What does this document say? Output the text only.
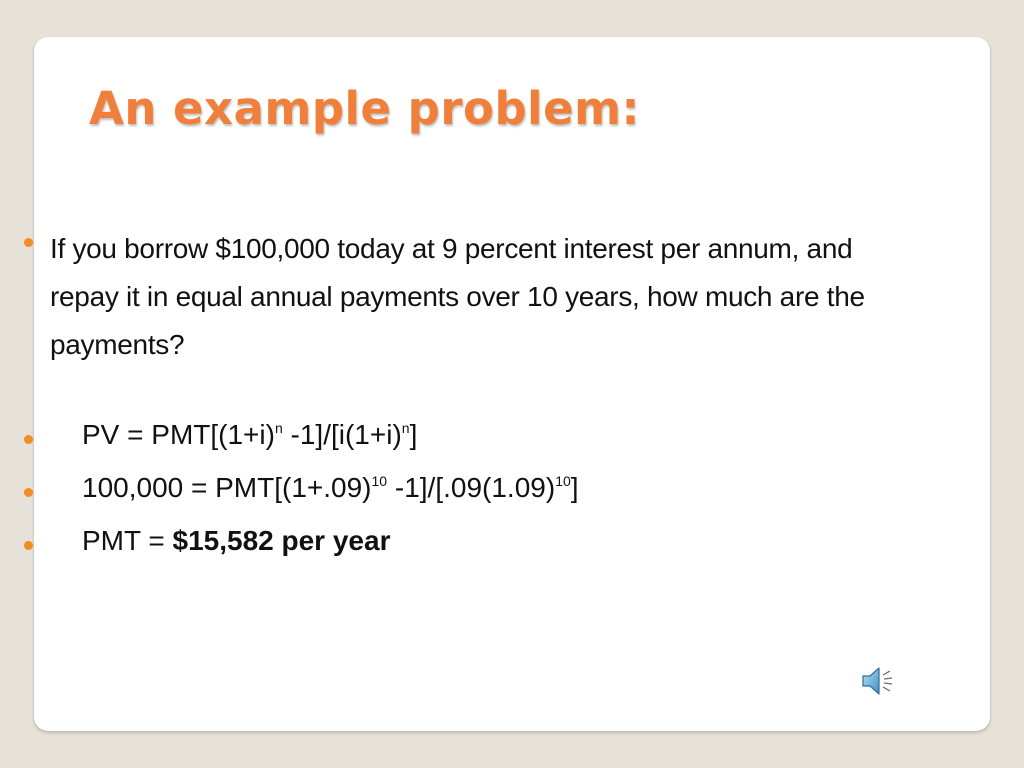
An example problem:
If you borrow $100,000 today at 9 percent interest per annum, and repay it in equal annual payments over 10 years, how much are the payments?
PV = $PMT[(1+i)^n$ $-1]/[i(1+i)^n]$
$100,000 = PMT[(1+.09)^{10}$ $-1]/[.09(1.09)^{10}]$
PMT = $15,582 per year
